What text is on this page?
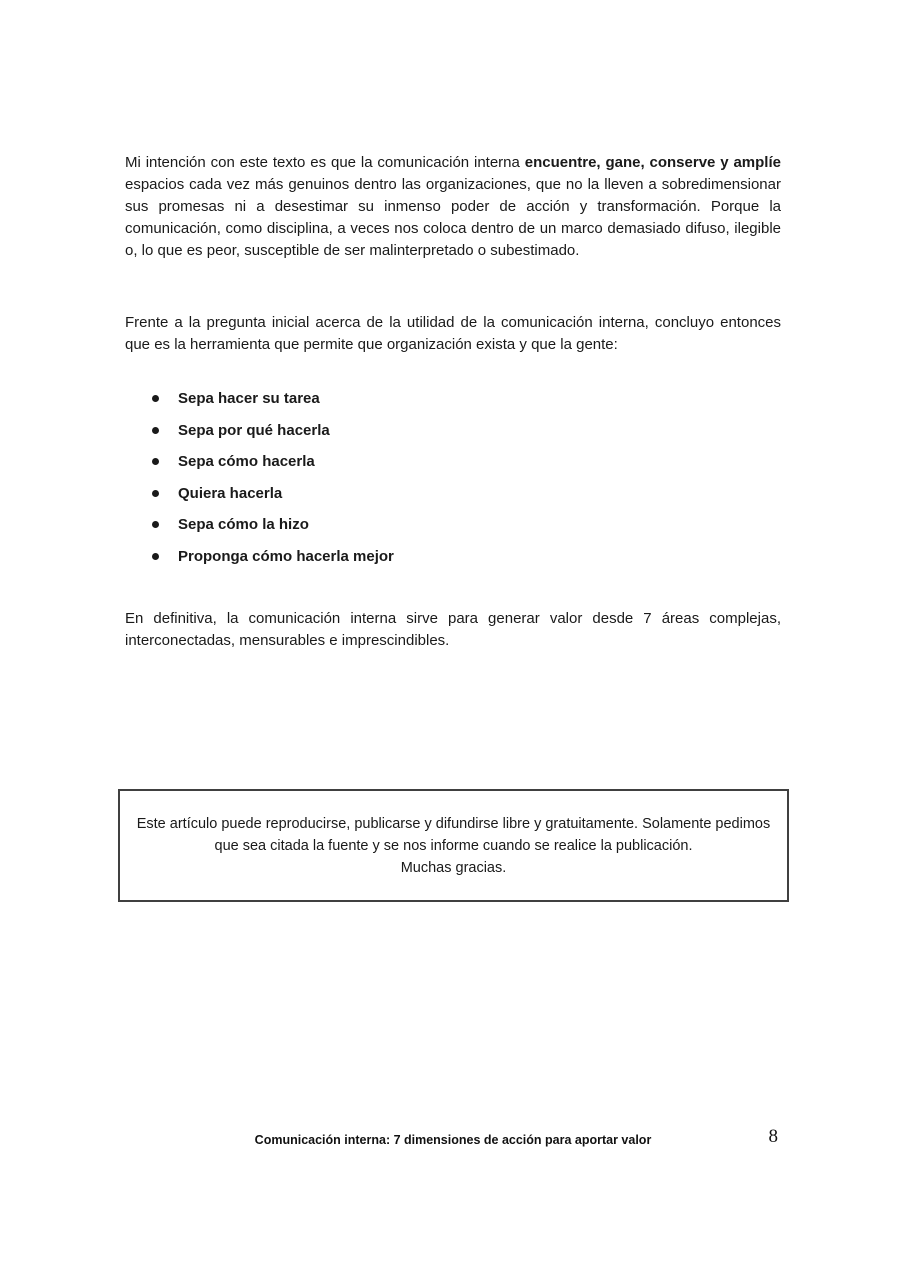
Mi intención con este texto es que la comunicación interna encuentre, gane, conserve y amplíe espacios cada vez más genuinos dentro las organizaciones, que no la lleven a sobredimensionar sus promesas ni a desestimar su inmenso poder de acción y transformación. Porque la comunicación, como disciplina, a veces nos coloca dentro de un marco demasiado difuso, ilegible o, lo que es peor, susceptible de ser malinterpretado o subestimado.

Frente a la pregunta inicial acerca de la utilidad de la comunicación interna, concluyo entonces que es la herramienta que permite que organización exista y que la gente:

Sepa hacer su tarea
Sepa por qué hacerla
Sepa cómo hacerla
Quiera hacerla
Sepa cómo la hizo
Proponga cómo hacerla mejor

En definitiva, la comunicación interna sirve para generar valor desde 7 áreas complejas, interconectadas, mensurables e imprescindibles.

Este artículo puede reproducirse, publicarse y difundirse libre y gratuitamente. Solamente pedimos que sea citada la fuente y se nos informe cuando se realice la publicación.

Muchas gracias.

Comunicación interna: 7 dimensiones de acción para aportar valor	8
